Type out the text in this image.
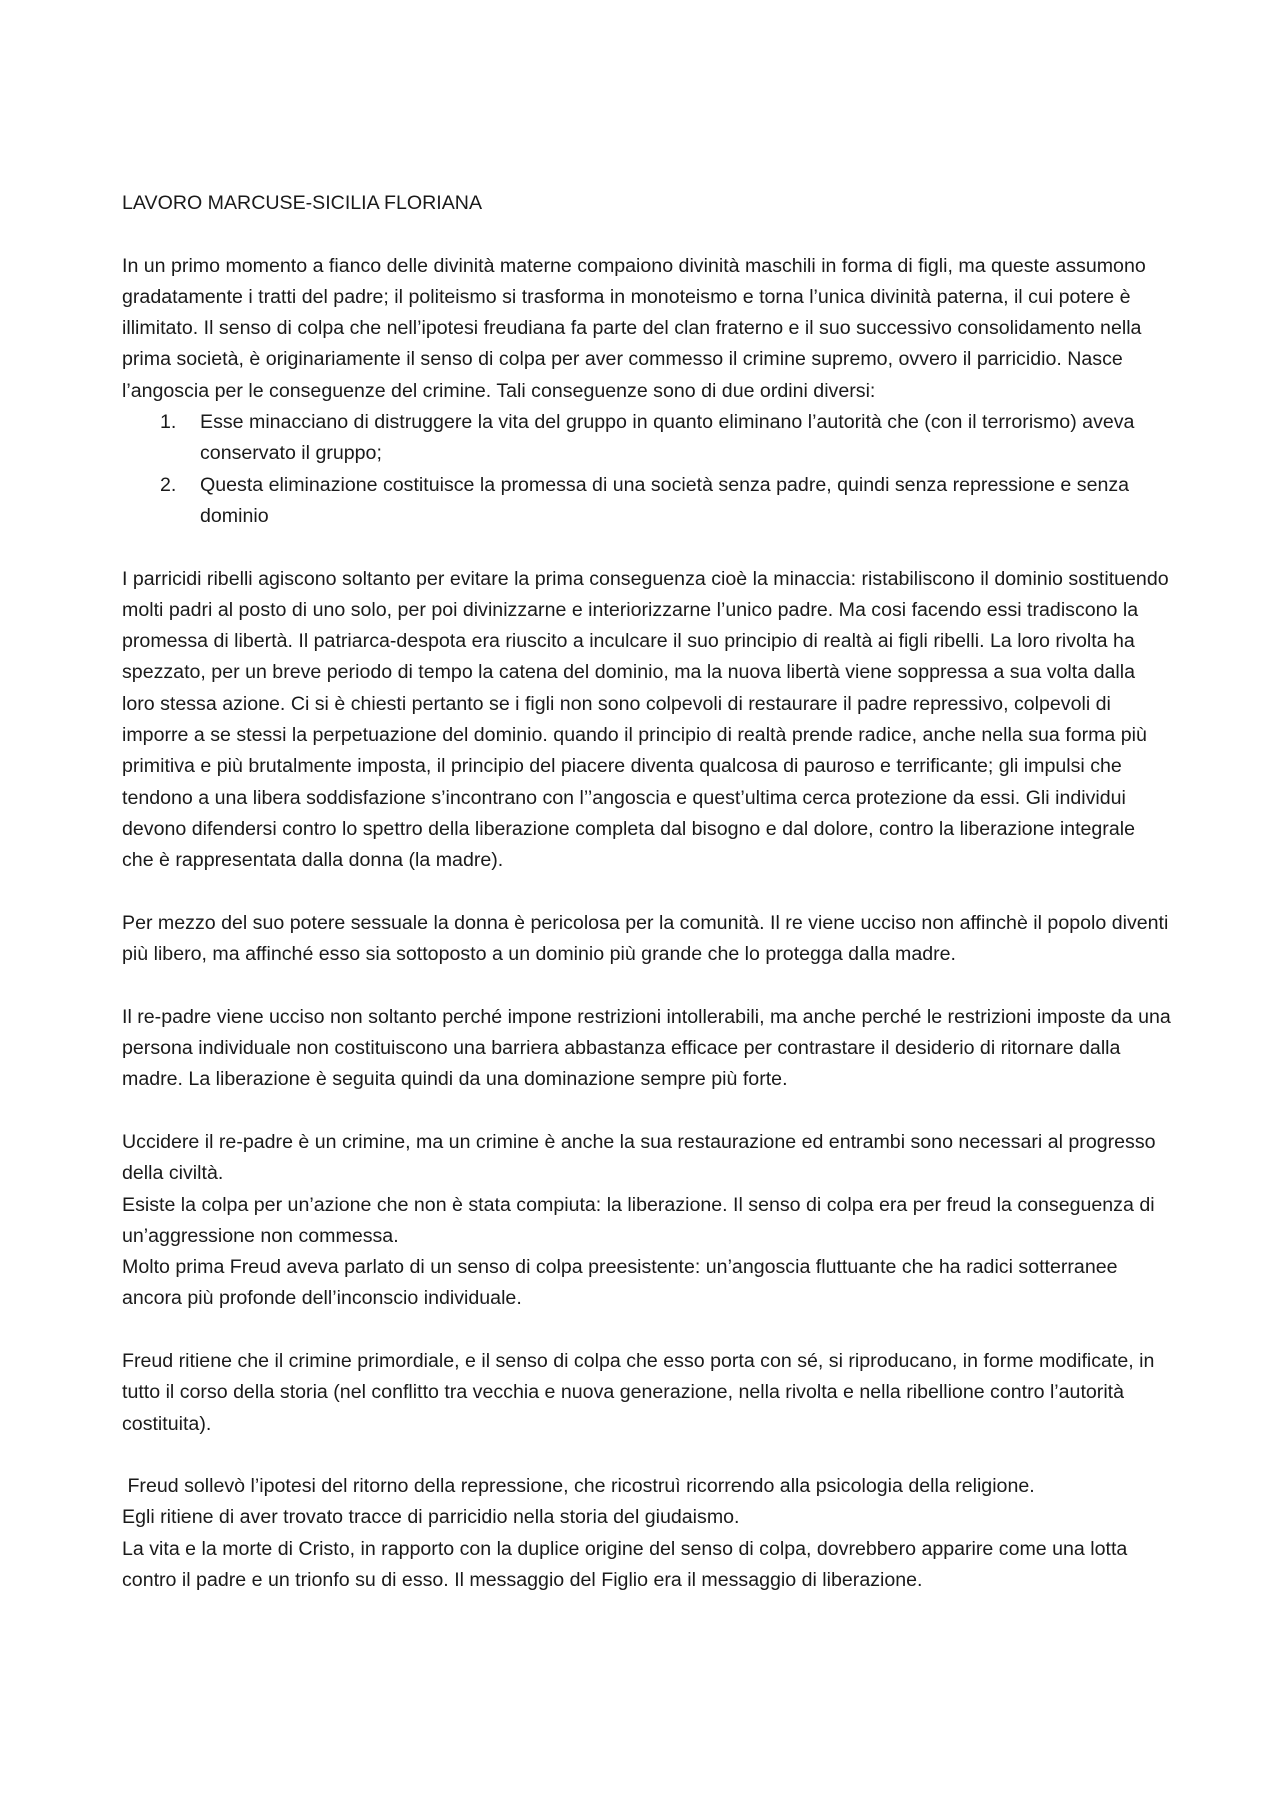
LAVORO MARCUSE-SICILIA FLORIANA

In un primo momento a fianco delle divinità materne compaiono divinità maschili in forma di figli, ma queste assumono gradatamente i tratti del padre; il politeismo si trasforma in monoteismo e torna l’unica divinità paterna, il cui potere è illimitato. Il senso di colpa che nell’ipotesi freudiana fa parte del clan fraterno e il suo successivo consolidamento nella prima società, è originariamente il senso di colpa per aver commesso il crimine supremo, ovvero il parricidio. Nasce l’angoscia per le conseguenze del crimine. Tali conseguenze sono di due ordini diversi:

1. Esse minacciano di distruggere la vita del gruppo in quanto eliminano l’autorità che (con il terrorismo) aveva conservato il gruppo;
2. Questa eliminazione costituisce la promessa di una società senza padre, quindi senza repressione e senza dominio

I parricidi ribelli agiscono soltanto per evitare la prima conseguenza cioè la minaccia: ristabiliscono il dominio sostituendo molti padri al posto di uno solo, per poi divinizzarne e interiorizzarne l’unico padre. Ma cosi facendo essi tradiscono la promessa di libertà. Il patriarca-despota era riuscito a inculcare il suo principio di realtà ai figli ribelli. La loro rivolta ha spezzato, per un breve periodo di tempo la catena del dominio, ma la nuova libertà viene soppressa a sua volta dalla loro stessa azione. Ci si è chiesti pertanto se i figli non sono colpevoli di restaurare il padre repressivo, colpevoli di imporre a se stessi la perpetuazione del dominio. quando il principio di realtà prende radice, anche nella sua forma più primitiva e più brutalmente imposta, il principio del piacere diventa qualcosa di pauroso e terrificante; gli impulsi che tendono a una libera soddisfazione s’incontrano con l’’angoscia e quest’ultima cerca protezione da essi. Gli individui devono difendersi contro lo spettro della liberazione completa dal bisogno e dal dolore, contro la liberazione integrale che è rappresentata dalla donna (la madre).

Per mezzo del suo potere sessuale la donna è pericolosa per la comunità. Il re viene ucciso non affinchè il popolo diventi più libero, ma affinché esso sia sottoposto a un dominio più grande che lo protegga dalla madre.

Il re-padre viene ucciso non soltanto perché impone restrizioni intollerabili, ma anche perché le restrizioni imposte da una persona individuale non costituiscono una barriera abbastanza efficace per contrastare il desiderio di ritornare dalla madre. La liberazione è seguita quindi da una dominazione sempre più forte.

Uccidere il re-padre è un crimine, ma un crimine è anche la sua restaurazione ed entrambi sono necessari al progresso della civiltà.

Esiste la colpa per un’azione che non è stata compiuta: la liberazione. Il senso di colpa era per freud la conseguenza di un’aggressione non commessa.

Molto prima Freud aveva parlato di un senso di colpa preesistente: un’angoscia fluttuante che ha radici sotterranee ancora più profonde dell’inconscio individuale.

Freud ritiene che il crimine primordiale, e il senso di colpa che esso porta con sé, si riproducano, in forme modificate, in tutto il corso della storia (nel conflitto tra vecchia e nuova generazione, nella rivolta e nella ribellione contro l’autorità costituita).

Freud sollevò l’ipotesi del ritorno della repressione, che ricostruì ricorrendo alla psicologia della religione.

Egli ritiene di aver trovato tracce di parricidio nella storia del giudaismo.

La vita e la morte di Cristo, in rapporto con la duplice origine del senso di colpa, dovrebbero apparire come una lotta contro il padre e un trionfo su di esso. Il messaggio del Figlio era il messaggio di liberazione.
